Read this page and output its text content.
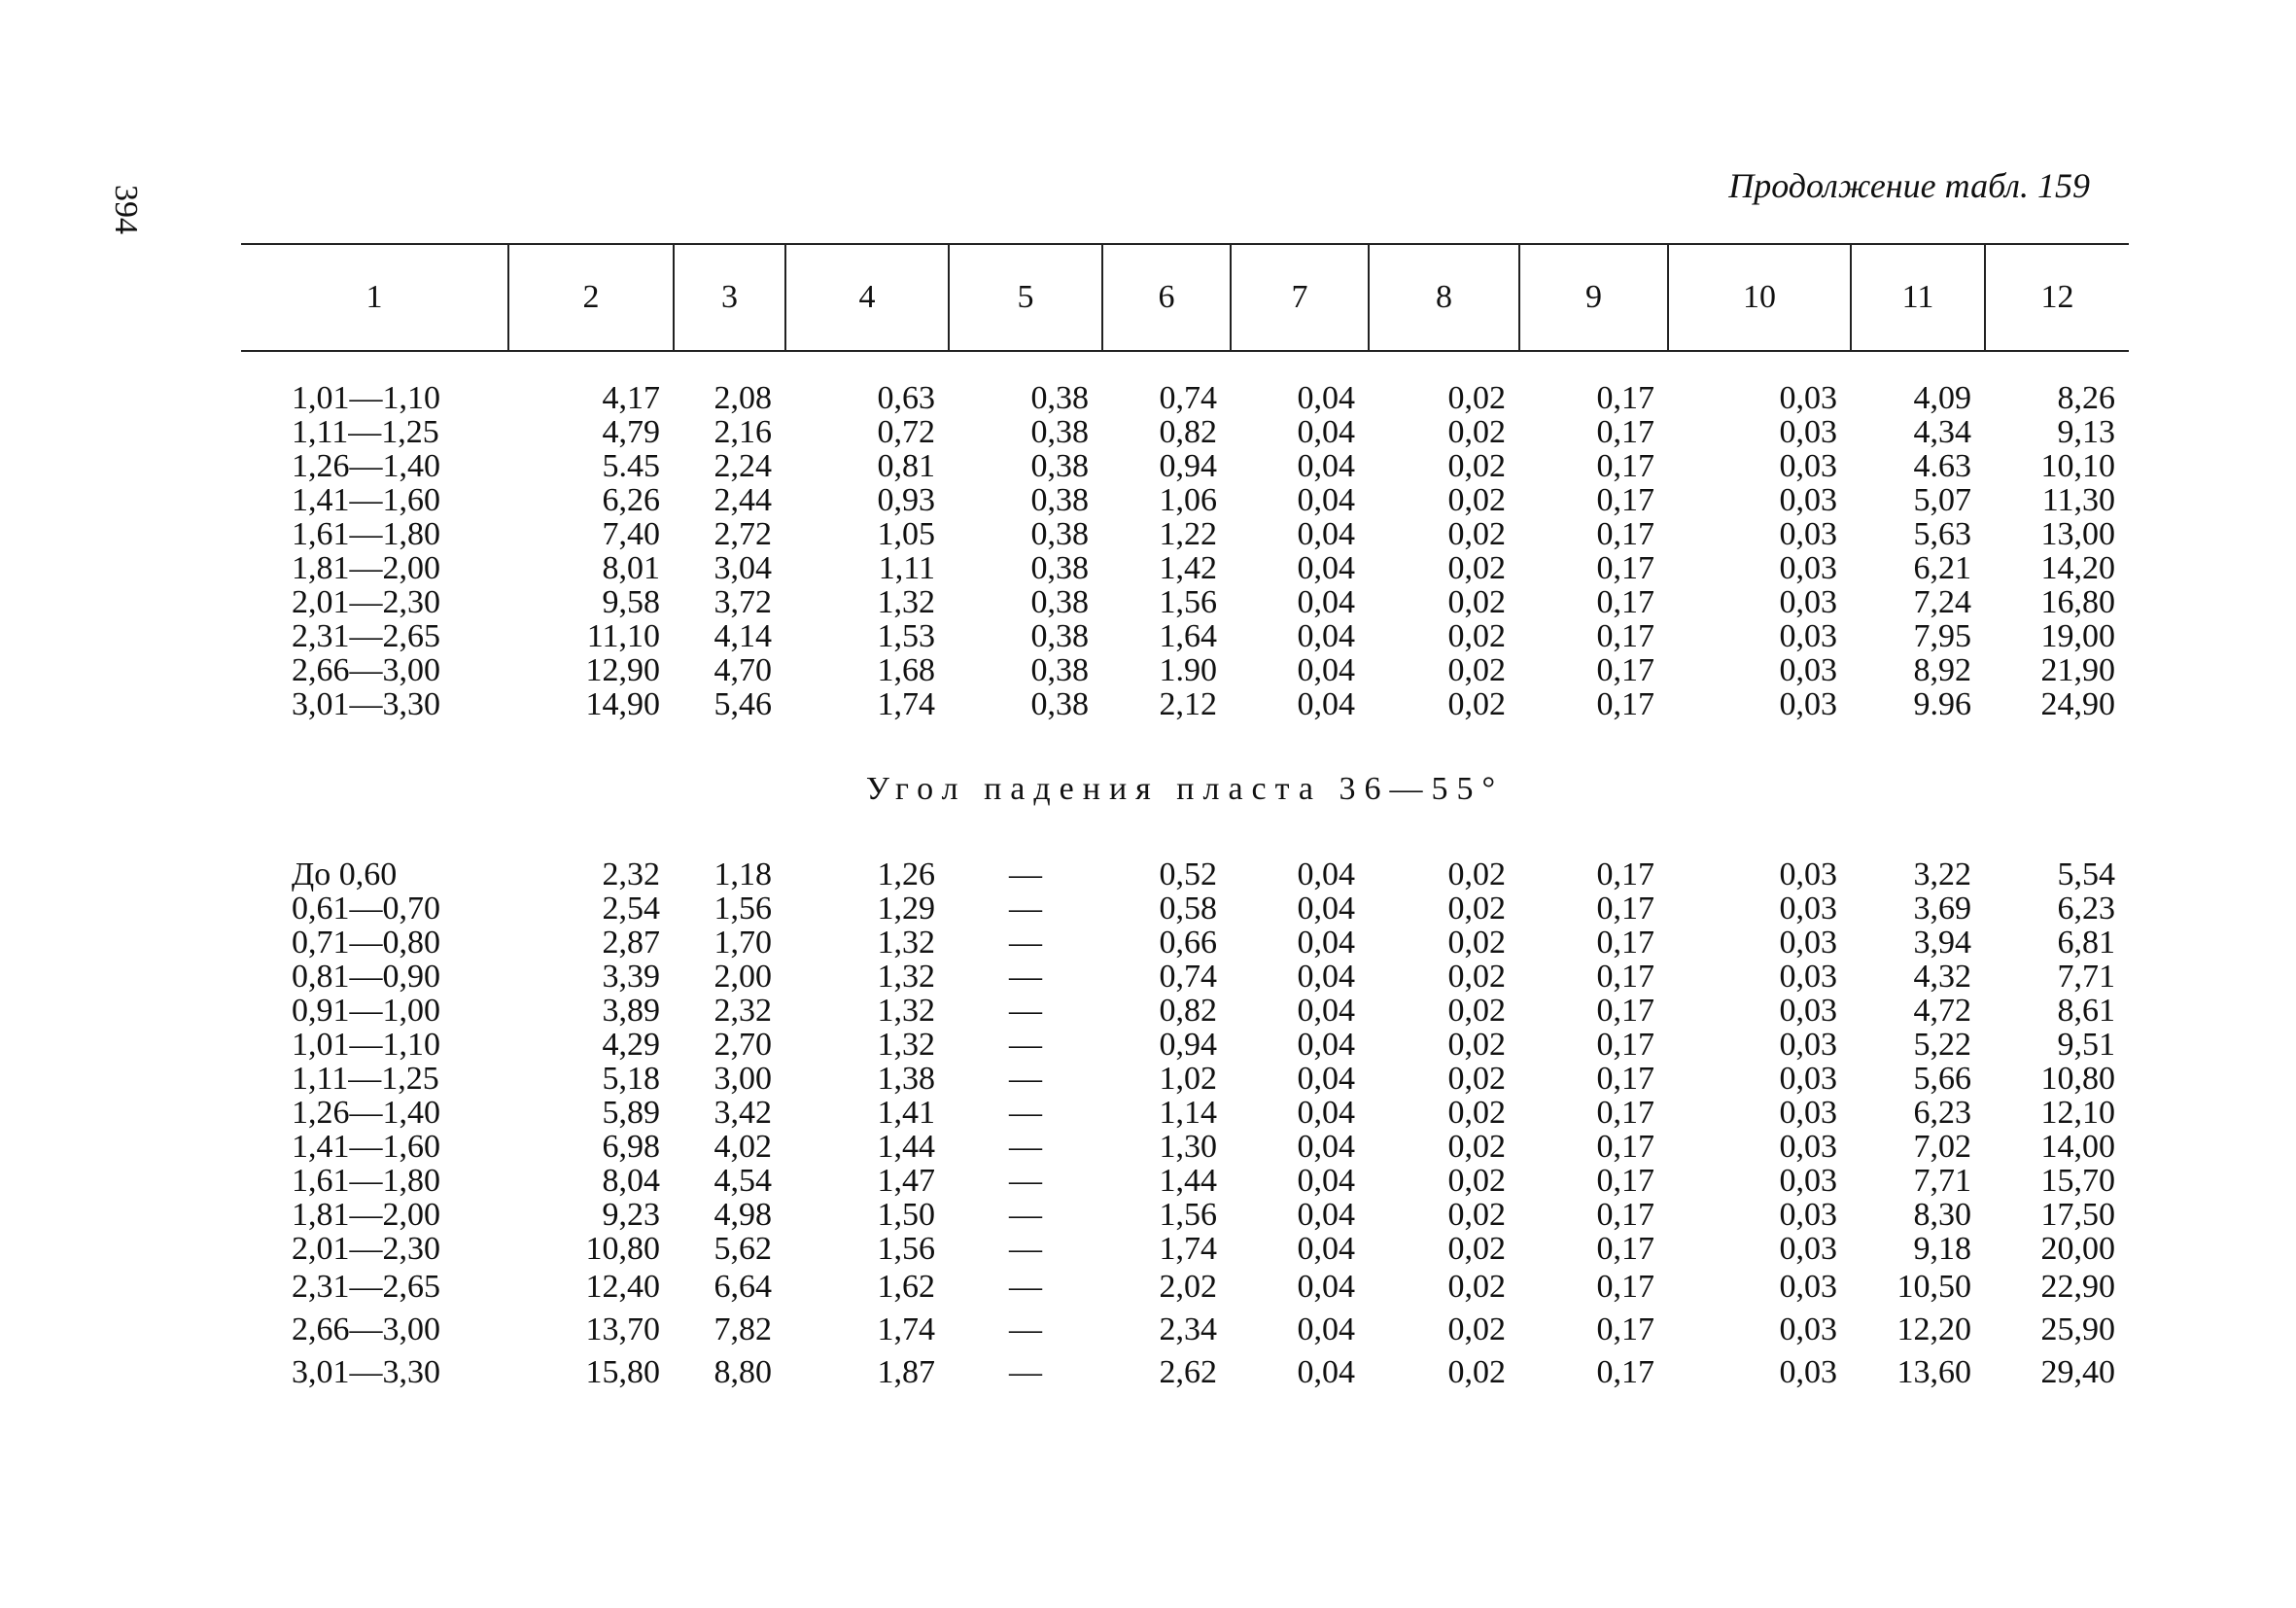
394	Продолжение табл. 159
1	2	3	4	5	6	7	8	9	10	11	12
1,01—1,10	4,17	2,08	0,63	0,38	0,74	0,04	0,02	0,17	0,03	4,09	8,26
1,11—1,25	4,79	2,16	0,72	0,38	0,82	0,04	0,02	0,17	0,03	4,34	9,13
1,26—1,40	5.45	2,24	0,81	0,38	0,94	0,04	0,02	0,17	0,03	4.63	10,10
1,41—1,60	6,26	2,44	0,93	0,38	1,06	0,04	0,02	0,17	0,03	5,07	11,30
1,61—1,80	7,40	2,72	1,05	0,38	1,22	0,04	0,02	0,17	0,03	5,63	13,00
1,81—2,00	8,01	3,04	1,11	0,38	1,42	0,04	0,02	0,17	0,03	6,21	14,20
2,01—2,30	9,58	3,72	1,32	0,38	1,56	0,04	0,02	0,17	0,03	7,24	16,80
2,31—2,65	11,10	4,14	1,53	0,38	1,64	0,04	0,02	0,17	0,03	7,95	19,00
2,66—3,00	12,90	4,70	1,68	0,38	1.90	0,04	0,02	0,17	0,03	8,92	21,90
3,01—3,30	14,90	5,46	1,74	0,38	2,12	0,04	0,02	0,17	0,03	9.96	24,90
Угол падения пласта 36—55°											
До 0,60	2,32	1,18	1,26	—	0,52	0,04	0,02	0,17	0,03	3,22	5,54
0,61—0,70	2,54	1,56	1,29	—	0,58	0,04	0,02	0,17	0,03	3,69	6,23
0,71—0,80	2,87	1,70	1,32	—	0,66	0,04	0,02	0,17	0,03	3,94	6,81
0,81—0,90	3,39	2,00	1,32	—	0,74	0,04	0,02	0,17	0,03	4,32	7,71
0,91—1,00	3,89	2,32	1,32	—	0,82	0,04	0,02	0,17	0,03	4,72	8,61
1,01—1,10	4,29	2,70	1,32	—	0,94	0,04	0,02	0,17	0,03	5,22	9,51
1,11—1,25	5,18	3,00	1,38	—	1,02	0,04	0,02	0,17	0,03	5,66	10,80
1,26—1,40	5,89	3,42	1,41	—	1,14	0,04	0,02	0,17	0,03	6,23	12,10
1,41—1,60	6,98	4,02	1,44	—	1,30	0,04	0,02	0,17	0,03	7,02	14,00
1,61—1,80	8,04	4,54	1,47	—	1,44	0,04	0,02	0,17	0,03	7,71	15,70
1,81—2,00	9,23	4,98	1,50	—	1,56	0,04	0,02	0,17	0,03	8,30	17,50
2,01—2,30	10,80	5,62	1,56	—	1,74	0,04	0,02	0,17	0,03	9,18	20,00
2,31—2,65	12,40	6,64	1,62	—	2,02	0,04	0,02	0,17	0,03	10,50	22,90
2,66—3,00	13,70	7,82	1,74	—	2,34	0,04	0,02	0,17	0,03	12,20	25,90
3,01—3,30	15,80	8,80	1,87	—	2,62	0,04	0,02	0,17	0,03	13,60	29,40
